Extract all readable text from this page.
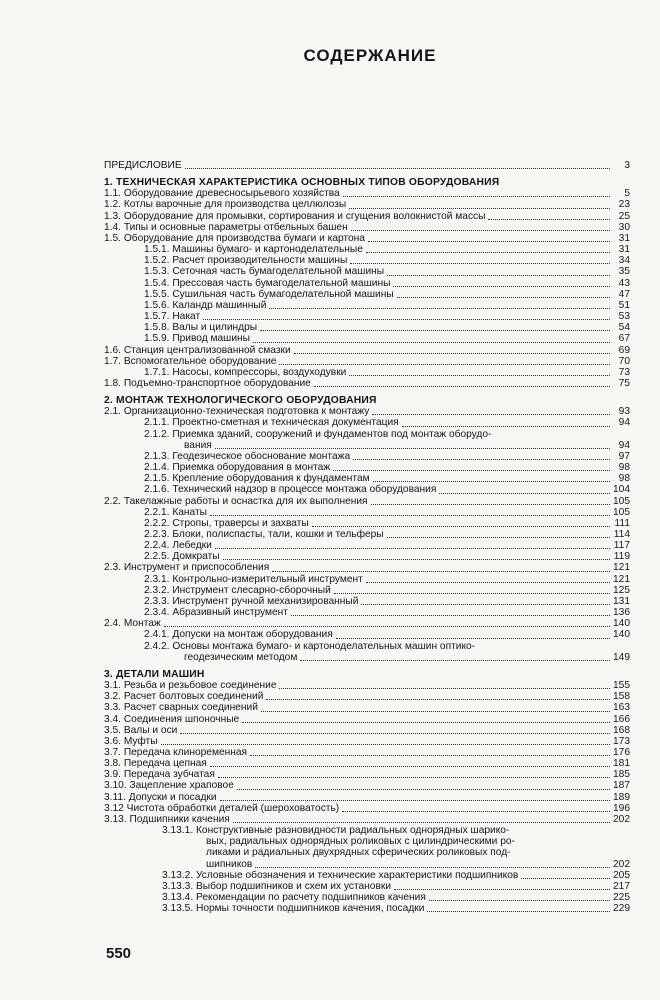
СОДЕРЖАНИЕ
ПРЕДИСЛОВИЕ	3
1. ТЕХНИЧЕСКАЯ ХАРАКТЕРИСТИКА ОСНОВНЫХ ТИПОВ ОБОРУДОВАНИЯ
1.1. Оборудование древесносырьевого хозяйства	5
1.2. Котлы варочные для производства целлюлозы	23
1.3. Оборудование для промывки, сортирования и сгущения волокнистой массы	25
1.4. Типы и основные параметры отбельных башен	30
1.5. Оборудование для производства бумаги и картона	31
1.5.1. Машины бумаго- и картоноделательные	31
1.5.2. Расчет производительности машины	34
1.5.3. Сеточная часть бумагоделательной машины	35
1.5.4. Прессовая часть бумагоделательной машины	43
1.5.5. Сушильная часть бумагоделательной машины	47
1.5.6. Каландр машинный	51
1.5.7. Накат	53
1.5.8. Валы и цилиндры	54
1.5.9. Привод машины	67
1.6. Станция централизованной смазки	69
1.7. Вспомогательное оборудование	70
1.7.1. Насосы, компрессоры, воздуходувки	73
1.8. Подъемно-транспортное оборудование	75
2. МОНТАЖ ТЕХНОЛОГИЧЕСКОГО ОБОРУДОВАНИЯ
2.1. Организационно-техническая подготовка к монтажу	93
2.1.1. Проектно-сметная и техническая документация	94
2.1.2. Приемка зданий, сооружений и фундаментов под монтаж оборудо-
вания	94
2.1.3. Геодезическое обоснование монтажа	97
2.1.4. Приемка оборудования в монтаж	98
2.1.5. Крепление оборудования к фундаментам	98
2.1.6. Технический надзор в процессе монтажа оборудования	104
2.2. Такелажные работы и оснастка для их выполнения	105
2.2.1. Канаты	105
2.2.2. Стропы, траверсы и захваты	111
2.2.3. Блоки, полиспасты, тали, кошки и тельферы	114
2.2.4. Лебедки	117
2.2.5. Домкраты	119
2.3. Инструмент и приспособления	121
2.3.1. Контрольно-измерительный инструмент	121
2.3.2. Инструмент слесарно-сборочный	125
2.3.3. Инструмент ручной механизированный	131
2.3.4. Абразивный инструмент	136
2.4. Монтаж	140
2.4.1. Допуски на монтаж оборудования	140
2.4.2. Основы монтажа бумаго- и картоноделательных машин оптико-
геодезическим методом	149
3. ДЕТАЛИ МАШИН
3.1. Резьба и резьбовое соединение	155
3.2. Расчет болтовых соединений	158
3.3. Расчет сварных соединений	163
3.4. Соединения шпоночные	166
3.5. Валы и оси	168
3.6. Муфты	173
3.7. Передача клиноременная	176
3.8. Передача цепная	181
3.9. Передача зубчатая	185
3.10. Зацепление храповое	187
3.11. Допуски и посадки	189
3.12 Чистота обработки деталей (шероховатость)	196
3.13. Подшипники качения	202
3.13.1. Конструктивные разновидности радиальных однорядных шарико-
вых, радиальных однорядных роликовых с цилиндрическими ро-
ликами и радиальных двухрядных сферических роликовых под-
шипников	202
3.13.2. Условные обозначения и технические характеристики подшипников	205
3.13.3. Выбор подшипников и схем их установки	217
3.13.4. Рекомендации по расчету подшипников качения	225
3.13.5. Нормы точности подшипников качения, посадки	229
550
